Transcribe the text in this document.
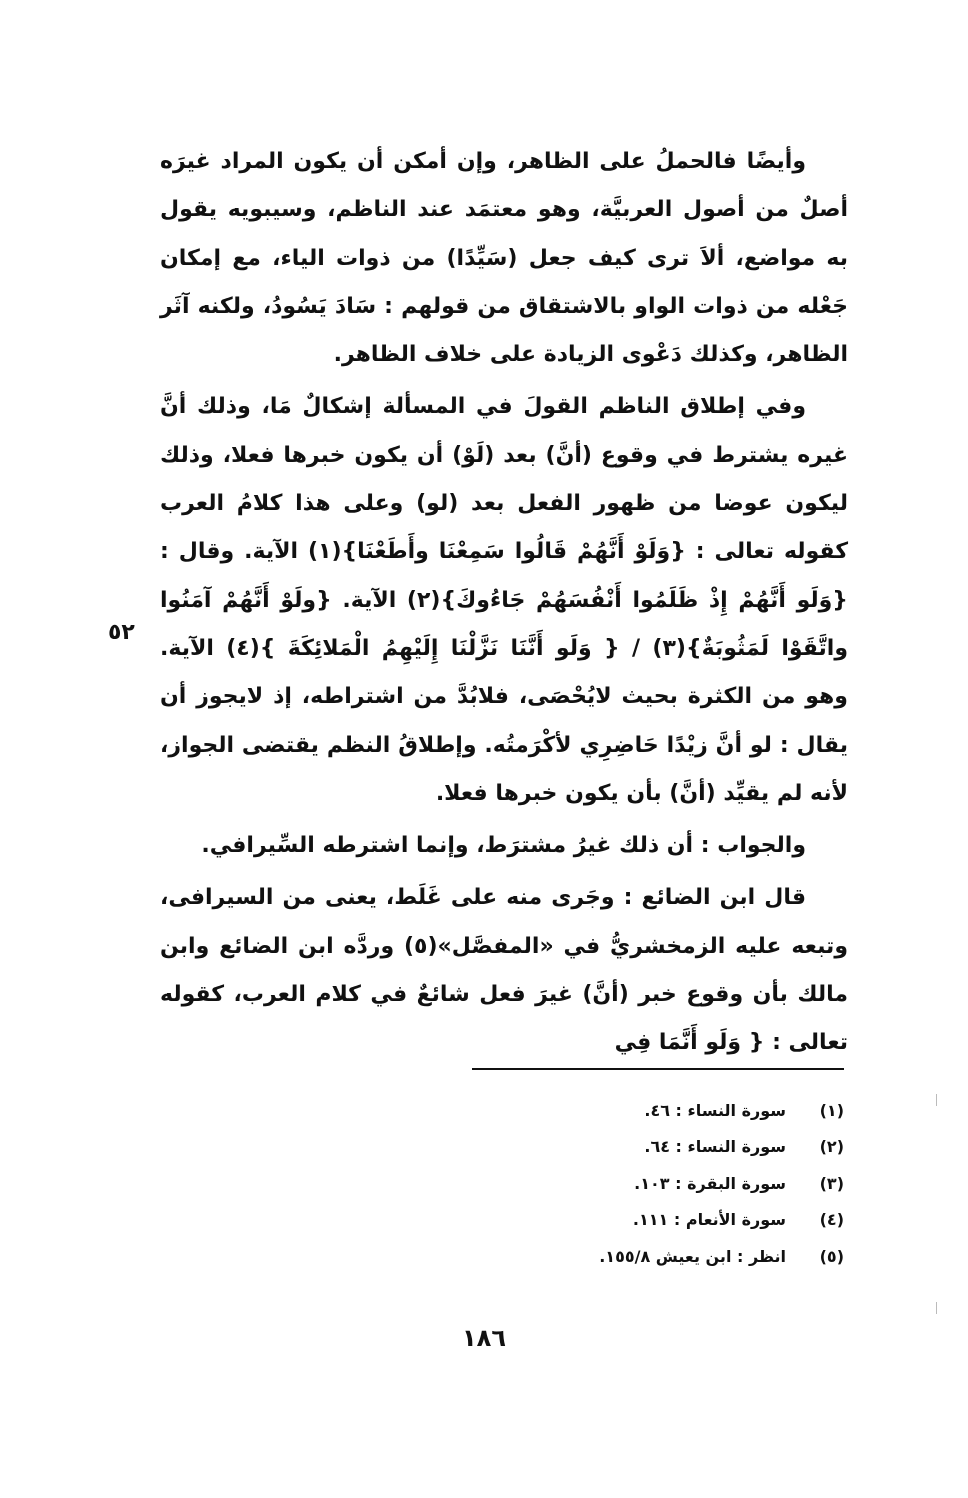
وأيضًا فالحملُ على الظاهر، وإن أمكن أن يكون المراد غيرَه أصلٌ من أصول العربيَّة، وهو معتمَد عند الناظم، وسيبويه يقول به مواضع، ألاَ ترى كيف جعل (سَيِّدًا) من ذوات الياء، مع إمكان جَعْله من ذوات الواو بالاشتقاق من قولهم : سَادَ يَسُودُ، ولكنه آثَر الظاهر، وكذلك دَعْوى الزيادة على خلاف الظاهر.

وفي إطلاق الناظم القولَ في المسألة إشكالٌ مَا، وذلك أنَّ غيره يشترط في وقوع (أنَّ) بعد (لَوْ) أن يكون خبرها فعلا، وذلك ليكون عوضا من ظهور الفعل بعد (لو) وعلى هذا كلامُ العرب كقوله تعالى : {وَلَوْ أَنَّهُمْ قَالُوا سَمِعْنَا وأَطَعْنَا}(١) الآية. وقال : {وَلَو أَنَّهُمْ إِذْ ظَلَمُوا أَنْفُسَهُمْ جَاءُوكَ}(٢) الآية. {ولَوْ أَنَّهُمْ آمَنُوا واتَّقَوْا لَمَثُوبَةٌ}(٣) / { وَلَو أَنَّنَا نَزَّلْنَا إِلَيْهِمُ الْمَلائِكَةَ }(٤) الآية. وهو من الكثرة بحيث لايُحْصَى، فلابُدَّ من اشتراطه، إذ لايجوز أن يقال : لو أنَّ زيْدًا حَاضِرِي لأكْرَمتُه. وإطلاقُ النظم يقتضى الجواز، لأنه لم يقيِّد (أنَّ) بأن يكون خبرها فعلا.

والجواب : أن ذلك غيرُ مشترَط، وإنما اشترطه السِّيرافي.

قال ابن الضائع : وجَرى منه على غَلَط، يعنى من السيرافى، وتبعه عليه الزمخشريُّ في «المفصَّل»(٥) وردَّه ابن الضائع وابن مالك بأن وقوع خبر (أنَّ) غيرَ فعل شائعٌ في كلام العرب، كقوله تعالى : { وَلَو أَنَّمَا فِي

٥٢
(١)
سورة النساء : ٤٦.
(٢)
سورة النساء : ٦٤.
(٣)
سورة البقرة : ١٠٣.
(٤)
سورة الأنعام : ١١١.
(٥)
انظر : ابن يعيش ١٥٥/٨.
١٨٦
